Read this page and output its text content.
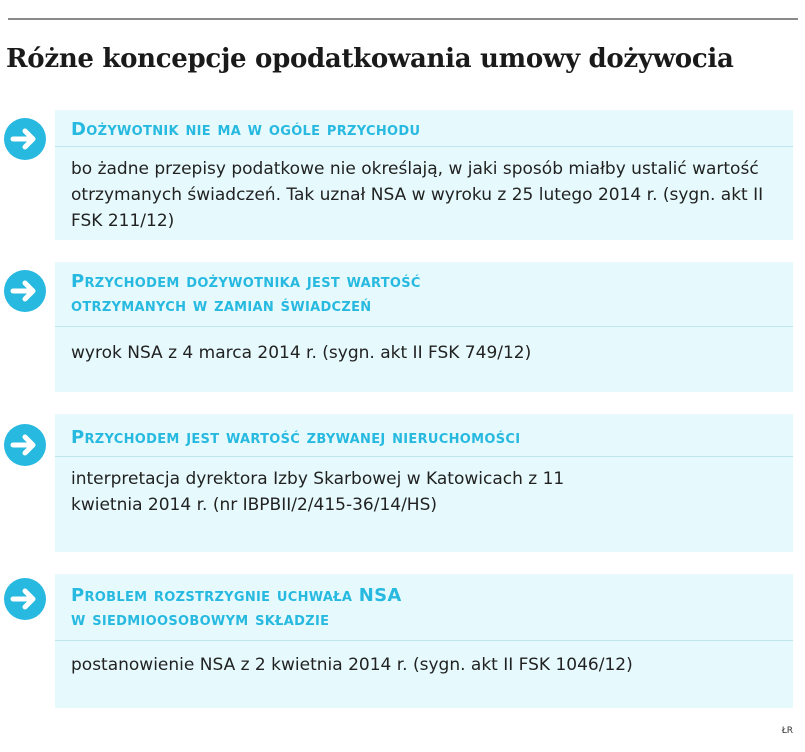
Różne koncepcje opodatkowania umowy dożywocia

Dożywotnik nie ma w ogóle przychodu

bo żadne przepisy podatkowe nie określają, w jaki sposób miałby ustalić wartość otrzymanych świadczeń. Tak uznał NSA w wyroku z 25 lutego 2014 r. (sygn. akt II FSK 211/12)

Przychodem dożywotnika jest wartość
otrzymanych w zamian świadczeń

wyrok NSA z 4 marca 2014 r. (sygn. akt II FSK 749/12)

Przychodem jest wartość zbywanej nieruchomości

interpretacja dyrektora Izby Skarbowej w Katowicach z 11 kwietnia 2014 r. (nr IBPBII/2/415-36/14/HS)

Problem rozstrzygnie uchwała NSA
w siedmioosobowym składzie

postanowienie NSA z 2 kwietnia 2014 r. (sygn. akt II FSK 1046/12)

ŁR
